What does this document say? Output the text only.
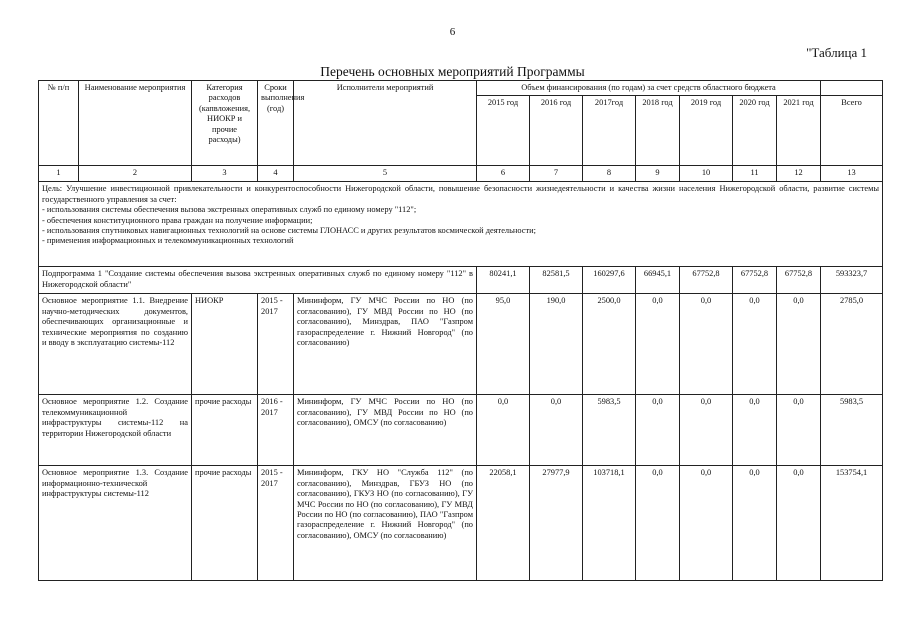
6
"Таблица 1
Перечень основных мероприятий Программы
№ п/п	Наименование мероприятия	Категория расходов (капвложения, НИОКР и прочие расходы)	Сроки выполнения (год)	Исполнители мероприятий	Объем финансирования (по годам) за счет средств областного бюджета							
					2015 год	2016 год	2017год	2018 год	2019 год	2020 год	2021 год	Всего
1	2	3	4	5	6	7	8	9	10	11	12	13

Цель: Улучшение инвестиционной привлекательности и конкурентоспособности Нижегородской области, повышение безопасности жизнедеятельности и качества жизни населения Нижегородской области, развитие системы государственного управления за счет:
- использования системы обеспечения вызова экстренных оперативных служб по единому номеру "112";
- обеспечения конституционного права граждан на получение информации;
- использования спутниковых навигационных технологий на основе системы ГЛОНАСС и других результатов космической деятельности;
- применения информационных и телекоммуникационных технологий												

Подпрограмма 1 "Создание системы обеспечения вызова экстренных оперативных служб по единому номеру "112" в Нижегородской области"					80241,1	82581,5	160297,6	66945,1	67752,8	67752,8	67752,8	593323,7
Основное мероприятие 1.1. Внедрение научно-методических документов, обеспечивающих организационные и технические мероприятия по созданию и вводу в эксплуатацию системы-112		НИОКР	2015 - 2017	Мининформ, ГУ МЧС России по НО (по согласованию), ГУ МВД России по НО (по согласованию), Минздрав, ПАО "Газпром газораспределение г. Нижний Новгород" (по согласованию)	95,0	190,0	2500,0	0,0	0,0	0,0	0,0	2785,0
Основное мероприятие 1.2. Создание телекоммуникационной инфраструктуры системы-112 на территории Нижегородской области		прочие расходы	2016 - 2017	Мининформ, ГУ МЧС России по НО (по согласованию), ГУ МВД России по НО (по согласованию), ОМСУ (по согласованию)	0,0	0,0	5983,5	0,0	0,0	0,0	0,0	5983,5
Основное мероприятие 1.3. Создание информационно-технической инфраструктуры системы-112		прочие расходы	2015 - 2017	Мининформ, ГКУ НО "Служба 112" (по согласованию), Минздрав, ГБУЗ НО (по согласованию), ГКУЗ НО (по согласованию), ГУ МЧС России по НО (по согласованию), ГУ МВД России по НО (по согласованию), ПАО "Газпром газораспределение г. Нижний Новгород" (по согласованию), ОМСУ (по согласованию)	22058,1	27977,9	103718,1	0,0	0,0	0,0	0,0	153754,1
